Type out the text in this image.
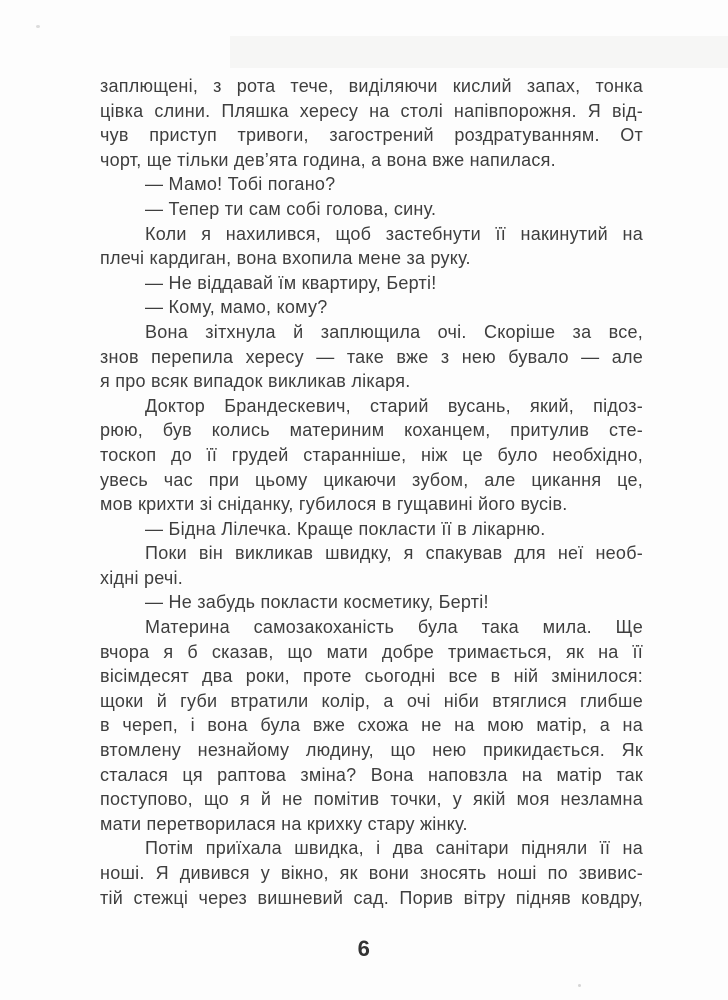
заплющені, з рота тече, виділяючи кислий запах, тонка
цівка слини. Пляшка хересу на столі напівпорожня. Я від-
чув приступ тривоги, загострений роздратуванням. От
чорт, ще тільки дев’ята година, а вона вже напилася.
— Мамо! Тобі погано?
— Тепер ти сам собі голова, сину.
Коли я нахилився, щоб застебнути її накинутий на
плечі кардиган, вона вхопила мене за руку.
— Не віддавай їм квартиру, Берті!
— Кому, мамо, кому?
Вона зітхнула й заплющила очі. Скоріше за все,
знов перепила хересу — таке вже з нею бувало — але
я про всяк випадок викликав лікаря.
Доктор Брандескевич, старий вусань, який, підоз-
рюю, був колись материним коханцем, притулив сте-
тоскоп до її грудей старанніше, ніж це було необхідно,
увесь час при цьому цикаючи зубом, але цикання це,
мов крихти зі сніданку, губилося в гущавині його вусів.
— Бідна Лілечка. Краще покласти її в лікарню.
Поки він викликав швидку, я спакував для неї необ-
хідні речі.
— Не забудь покласти косметику, Берті!
Материна самозакоханість була така мила. Ще
вчора я б сказав, що мати добре тримається, як на її
вісімдесят два роки, проте сьогодні все в ній змінилося:
щоки й губи втратили колір, а очі ніби втяглися глибше
в череп, і вона була вже схожа не на мою матір, а на
втомлену незнайому людину, що нею прикидається. Як
сталася ця раптова зміна? Вона наповзла на матір так
поступово, що я й не помітив точки, у якій моя незламна
мати перетворилася на крихку стару жінку.
Потім приїхала швидка, і два санітари підняли її на
ноші. Я дивився у вікно, як вони зносять ноші по звивис-
тій стежці через вишневий сад. Порив вітру підняв ковдру,
6
